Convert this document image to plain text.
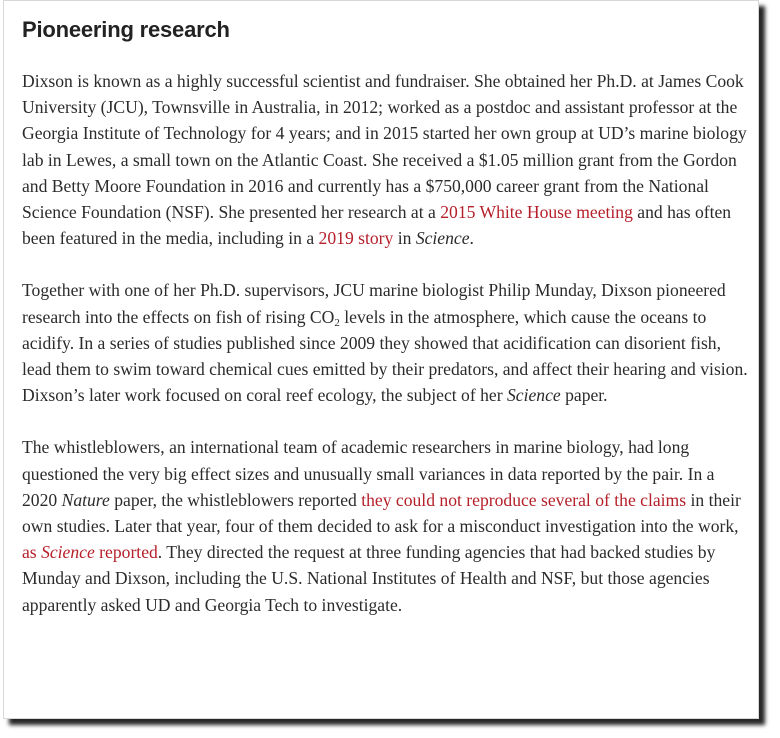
Pioneering research

Dixson is known as a highly successful scientist and fundraiser. She obtained her Ph.D. at James Cook University (JCU), Townsville in Australia, in 2012; worked as a postdoc and assistant professor at the Georgia Institute of Technology for 4 years; and in 2015 started her own group at UD’s marine biology lab in Lewes, a small town on the Atlantic Coast. She received a $1.05 million grant from the Gordon and Betty Moore Foundation in 2016 and currently has a $750,000 career grant from the National Science Foundation (NSF). She presented her research at a 2015 White House meeting and has often been featured in the media, including in a 2019 story in Science.

Together with one of her Ph.D. supervisors, JCU marine biologist Philip Munday, Dixson pioneered research into the effects on fish of rising $CO_2$ levels in the atmosphere, which cause the oceans to acidify. In a series of studies published since 2009 they showed that acidification can disorient fish, lead them to swim toward chemical cues emitted by their predators, and affect their hearing and vision. Dixson’s later work focused on coral reef ecology, the subject of her Science paper.

The whistleblowers, an international team of academic researchers in marine biology, had long questioned the very big effect sizes and unusually small variances in data reported by the pair. In a 2020 Nature paper, the whistleblowers reported they could not reproduce several of the claims in their own studies. Later that year, four of them decided to ask for a misconduct investigation into the work, as Science reported. They directed the request at three funding agencies that had backed studies by Munday and Dixson, including the U.S. National Institutes of Health and NSF, but those agencies apparently asked UD and Georgia Tech to investigate.
